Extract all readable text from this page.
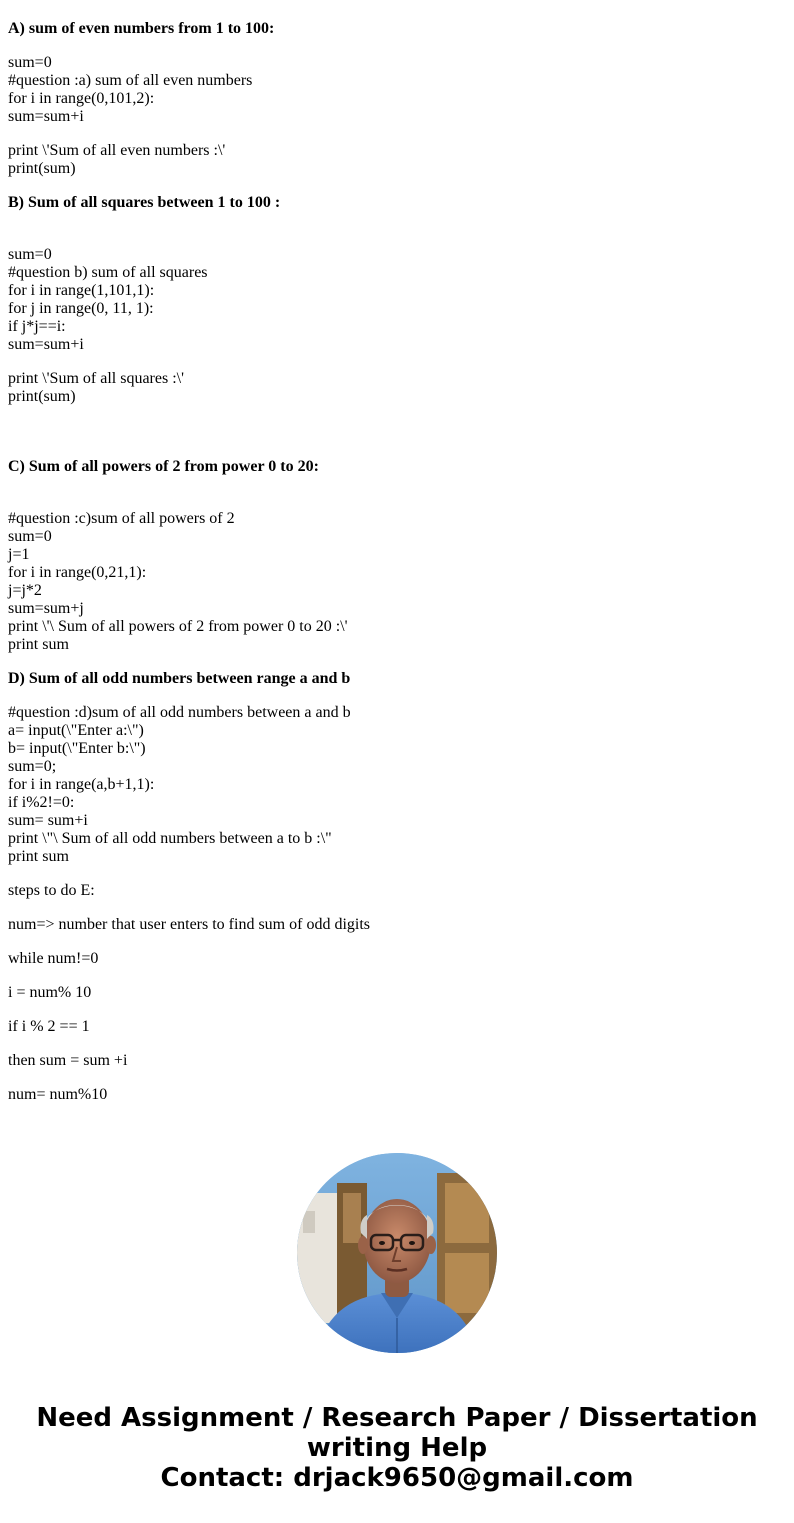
A) sum of even numbers from 1 to 100:

sum=0
#question :a) sum of all even numbers
for i in range(0,101,2):
sum=sum+i

print \'Sum of all even numbers :\'
print(sum)

B) Sum of all squares between 1 to 100 :

sum=0
#question b) sum of all squares
for i in range(1,101,1):
for j in range(0, 11, 1):
if j*j==i:
sum=sum+i

print \'Sum of all squares :\'
print(sum)

C) Sum of all powers of 2 from power 0 to 20:

#question :c)sum of all powers of 2
sum=0
j=1
for i in range(0,21,1):
j=j*2
sum=sum+j
print \'\ Sum of all powers of 2 from power 0 to 20 :\'
print sum

D) Sum of all odd numbers between range a and b

#question :d)sum of all odd numbers between a and b
a= input(\"Enter a:\")
b= input(\"Enter b:\")
sum=0;
for i in range(a,b+1,1):
if i%2!=0:
sum= sum+i
print \"\ Sum of all odd numbers between a to b :\"
print sum

steps to do E:

num=> number that user enters to find sum of odd digits

while num!=0

i = num% 10

if i % 2 == 1

then sum = sum +i

num= num%10

Need Assignment / Research Paper / Dissertation
writing Help
Contact: drjack9650@gmail.com
